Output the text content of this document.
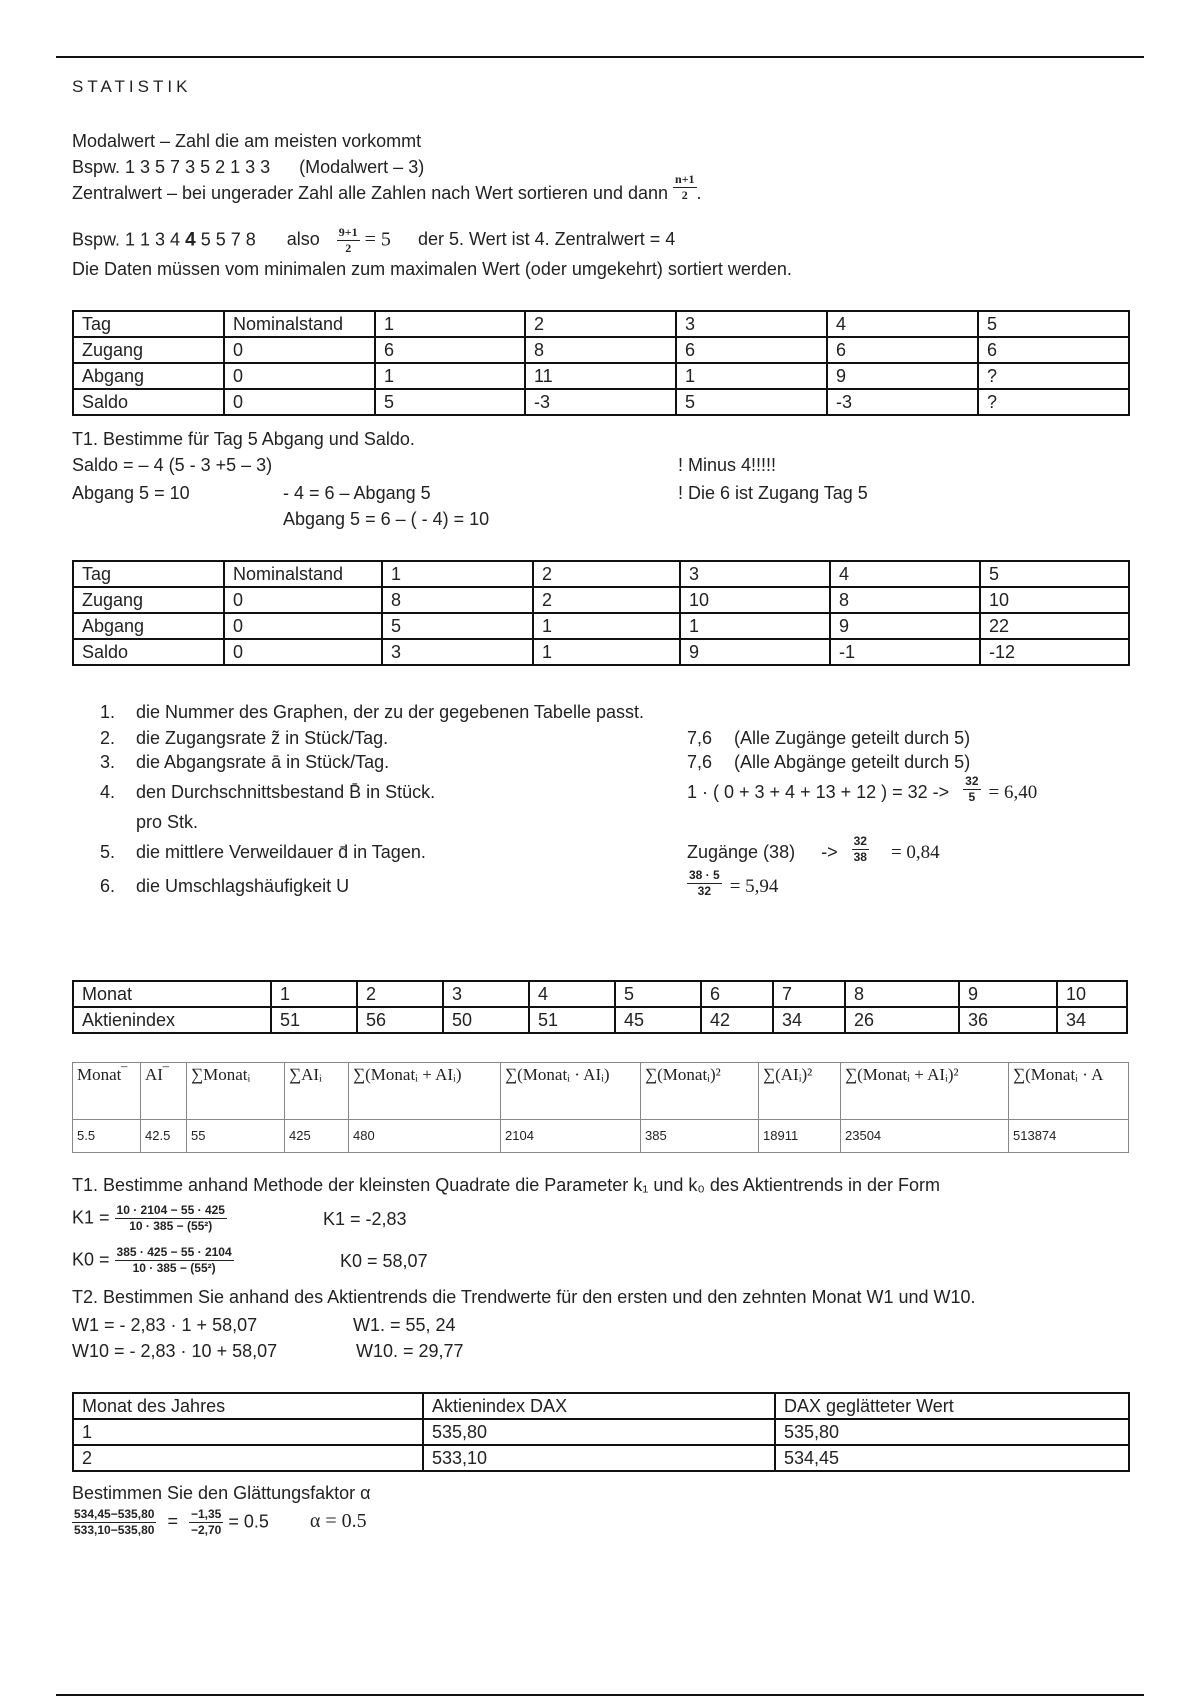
STATISTIK
Modalwert – Zahl die am meisten vorkommt
Bspw. 1 3 5 7 3 5 2 1 3 3 (Modalwert – 3)
Zentralwert – bei ungerader Zahl alle Zahlen nach Wert sortieren und dann $\frac{n+1}{2}$ .
Bspw. 1 1 3 4 4 5 5 7 8 also $\frac{9+1}{2} = 5$ der 5. Wert ist 4. Zentralwert = 4
Die Daten müssen vom minimalen zum maximalen Wert (oder umgekehrt) sortiert werden.
Tag	Nominalstand	1	2	3	4	5
Zugang	0	6	8	6	6	6
Abgang	0	1	11	1	9	?
Saldo	0	5	-3	5	-3	?
T1. Bestimme für Tag 5 Abgang und Saldo.
Saldo = – 4 (5 - 3 +5 – 3)
Abgang 5 = 10	- 4 = 6 – Abgang 5
Abgang 5 = 6 – ( - 4) = 10
! Minus 4!!!!!
! Die 6 ist Zugang Tag 5
Tag	Nominalstand	1	2	3	4	5
Zugang	0	8	2	10	8	10
Abgang	0	5	1	1	9	22
Saldo	0	3	1	9	-1	-12
1. die Nummer des Graphen, der zu der gegebenen Tabelle passt.
2. die Zugangsrate z̃ in Stück/Tag.	7,6 (Alle Zugänge geteilt durch 5)
3. die Abgangsrate ā in Stück/Tag.	7,6 (Alle Abgänge geteilt durch 5)
4. den Durchschnittsbestand B̄ in Stück.	1 · ( 0 + 3 + 4 + 13 + 12 ) = $32 -> \frac{32}{5} = 6,40$
pro Stk.
5. die mittlere Verweildauer d̄ in Tagen.	Zugänge $(38) -> \frac{32}{38} = 0,84$
6. die Umschlagshäufigkeit U	$\frac{38 \cdot 5}{32} = 5,94$
Monat	1	2	3	4	5	6	7	8	9	10
Aktienindex	51	56	50	51	45	42	34	26	36	34
Monat‾	AI‾	∑Monatᵢ	∑AIᵢ	∑(Monatᵢ + AIᵢ)	∑(Monatᵢ · AIᵢ)	∑(Monatᵢ)²	∑(AIᵢ)²	∑(Monatᵢ + AIᵢ)²	∑(Monatᵢ · A
5.5	42.5	55	425	480	2104	385	18911	23504	513874
T1. Bestimme anhand Methode der kleinsten Quadrate die Parameter k₁ und k₀ des Aktientrends in der Form
$K1 = \frac{10 \cdot 2104 - 55 \cdot 425}{\text{10 · 385 − (55²)}}$	K1 = -2,83
$K0 = \frac{385 \cdot 425 - 55 \cdot 2104}{\text{10 · 385 − (55²)}}$	K0 = 58,07
T2. Bestimmen Sie anhand des Aktientrends die Trendwerte für den ersten und den zehnten Monat W1 und W10.
W1 = - 2,83 · 1 + 58,07	W1. = 55, 24
W10 = - 2,83 · 10 + 58,07	W10. = 29,77
Monat des Jahres	Aktienindex DAX	DAX geglätteter Wert
1	535,80	535,80
2	533,10	534,45
Bestimmen Sie den Glättungsfaktor α
$\frac{534,45-535,80}{533,10-535,80} = \frac{-1,35}{-2,70} = 0.5$ α = 0.5
